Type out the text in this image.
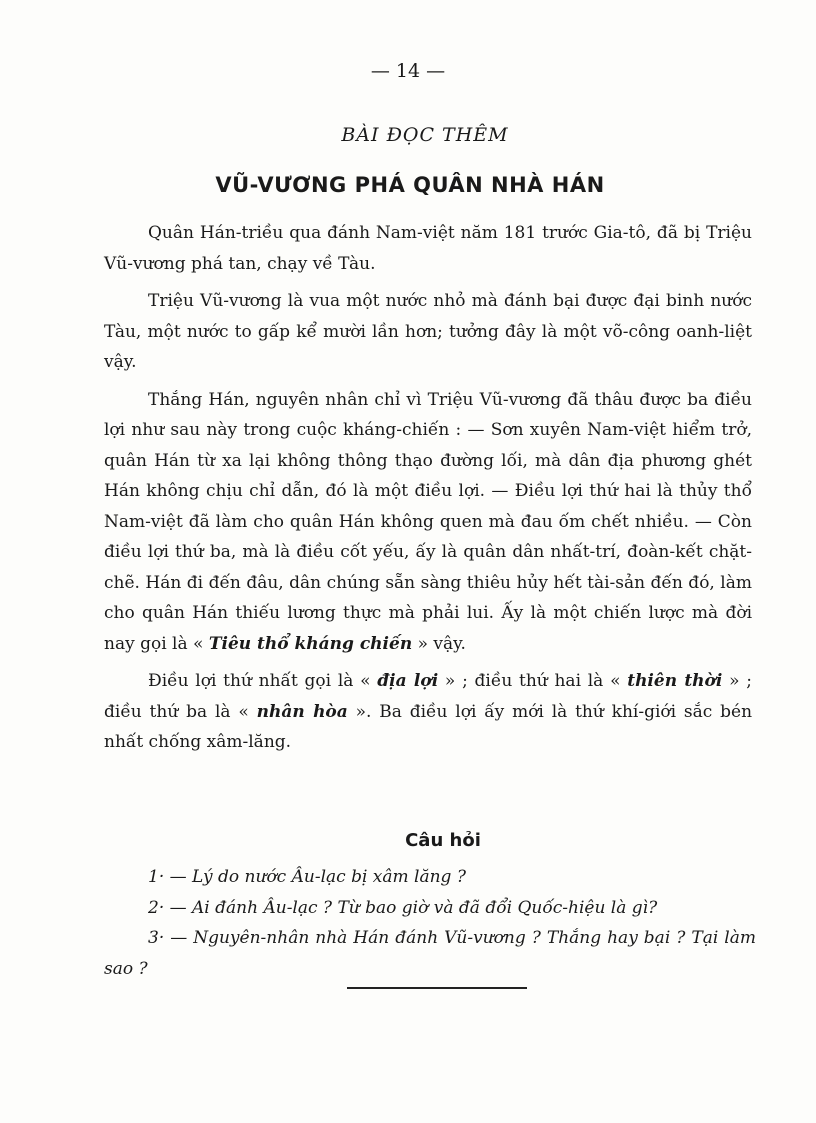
— 14 —
BÀI ĐỌC THÊM
VŨ-VƯƠNG PHÁ QUÂN NHÀ HÁN

Quân Hán-triều qua đánh Nam-việt năm 181 trước Gia-tô, đã bị Triệu Vũ-vương phá tan, chạy về Tàu.

Triệu Vũ-vương là vua một nước nhỏ mà đánh bại được đại binh nước Tàu, một nước to gấp kể mười lần hơn; tưởng đây là một võ-công oanh-liệt vậy.

Thắng Hán, nguyên nhân chỉ vì Triệu Vũ-vương đã thâu được ba điều lợi như sau này trong cuộc kháng-chiến : — Sơn xuyên Nam-việt hiểm trở, quân Hán từ xa lại không thông thạo đường lối, mà dân địa phương ghét Hán không chịu chỉ dẫn, đó là một điều lợi. — Điều lợi thứ hai là thủy thổ Nam-việt đã làm cho quân Hán không quen mà đau ốm chết nhiều. — Còn điều lợi thứ ba, mà là điều cốt yếu, ấy là quân dân nhất-trí, đoàn-kết chặt-chẽ. Hán đi đến đâu, dân chúng sẵn sàng thiêu hủy hết tài-sản đến đó, làm cho quân Hán thiếu lương thực mà phải lui. Ấy là một chiến lược mà đời nay gọi là « Tiêu thổ kháng chiến » vậy.

Điều lợi thứ nhất gọi là « địa lợi » ; điều thứ hai là « thiên thời » ; điều thứ ba là « nhân hòa ». Ba điều lợi ấy mới là thứ khí-giới sắc bén nhất chống xâm-lăng.

Câu hỏi

1· — Lý do nước Âu-lạc bị xâm lăng ?

2· — Ai đánh Âu-lạc ? Từ bao giờ và đã đổi Quốc-hiệu là gì?

3· — Nguyên-nhân nhà Hán đánh Vũ-vương ? Thắng hay bại ? Tại làm sao ?
